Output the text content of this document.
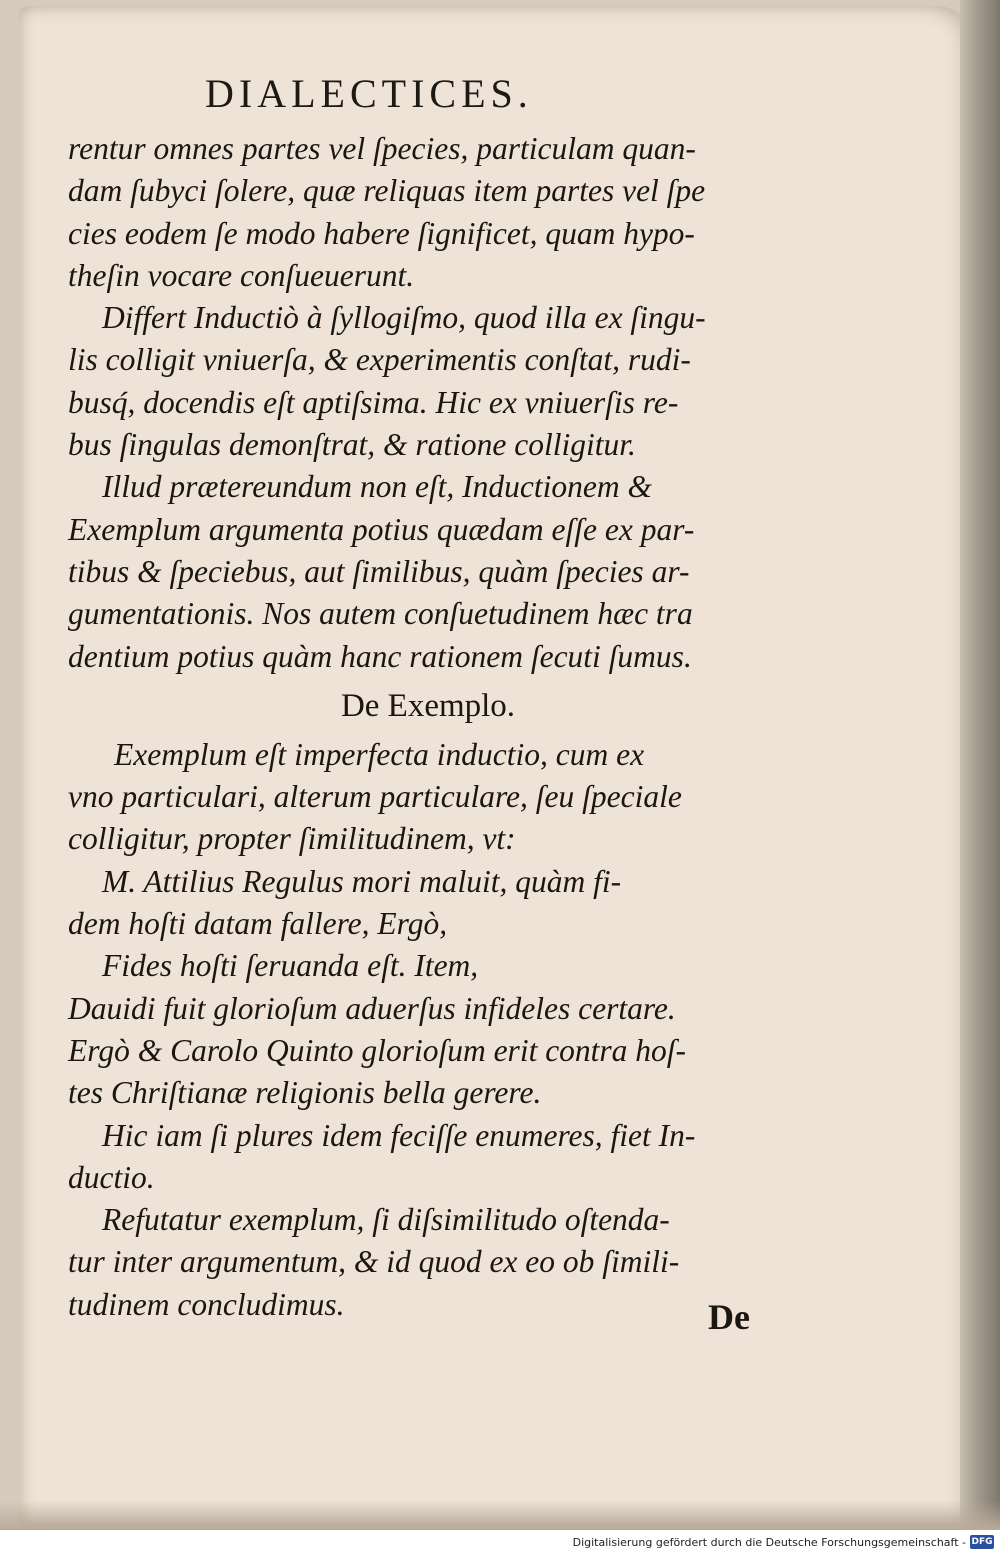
DIALECTICES.
rentur omnes partes vel ſpecies, particulam quan-
dam ſubyci ſolere, quæ reliquas item partes vel ſpe
cies eodem ſe modo habere ſignificet, quam hypo-
theſin vocare conſueuerunt.
Differt Inductiò à ſyllogiſmo, quod illa ex ſingu-
lis colligit vniuerſa, & experimentis conſtat, rudi-
busq́, docendis eſt aptiſsima. Hic ex vniuerſis re-
bus ſingulas demonſtrat, & ratione colligitur.
Illud prætereundum non eſt, Inductionem &
Exemplum argumenta potius quædam eſſe ex par-
tibus & ſpeciebus, aut ſimilibus, quàm ſpecies ar-
gumentationis. Nos autem conſuetudinem hæc tra
dentium potius quàm hanc rationem ſecuti ſumus.
De Exemplo.
Exemplum eſt imperfecta inductio, cum ex
vno particulari, alterum particulare, ſeu ſpeciale
colligitur, propter ſimilitudinem, vt:
M. Attilius Regulus mori maluit, quàm fi-
dem hoſti datam fallere, Ergò,
Fides hoſti ſeruanda eſt. Item,
Dauidi fuit glorioſum aduerſus infideles certare.
Ergò & Carolo Quinto glorioſum erit contra hoſ-
tes Chriſtianæ religionis bella gerere.
Hic iam ſi plures idem feciſſe enumeres, fiet In-
ductio.
Refutatur exemplum, ſi diſsimilitudo oſtenda-
tur inter argumentum, & id quod ex eo ob ſimili-
tudinem concludimus.	De
Digitalisierung gefördert durch die Deutsche Forschungsgemeinschaft - DFG
